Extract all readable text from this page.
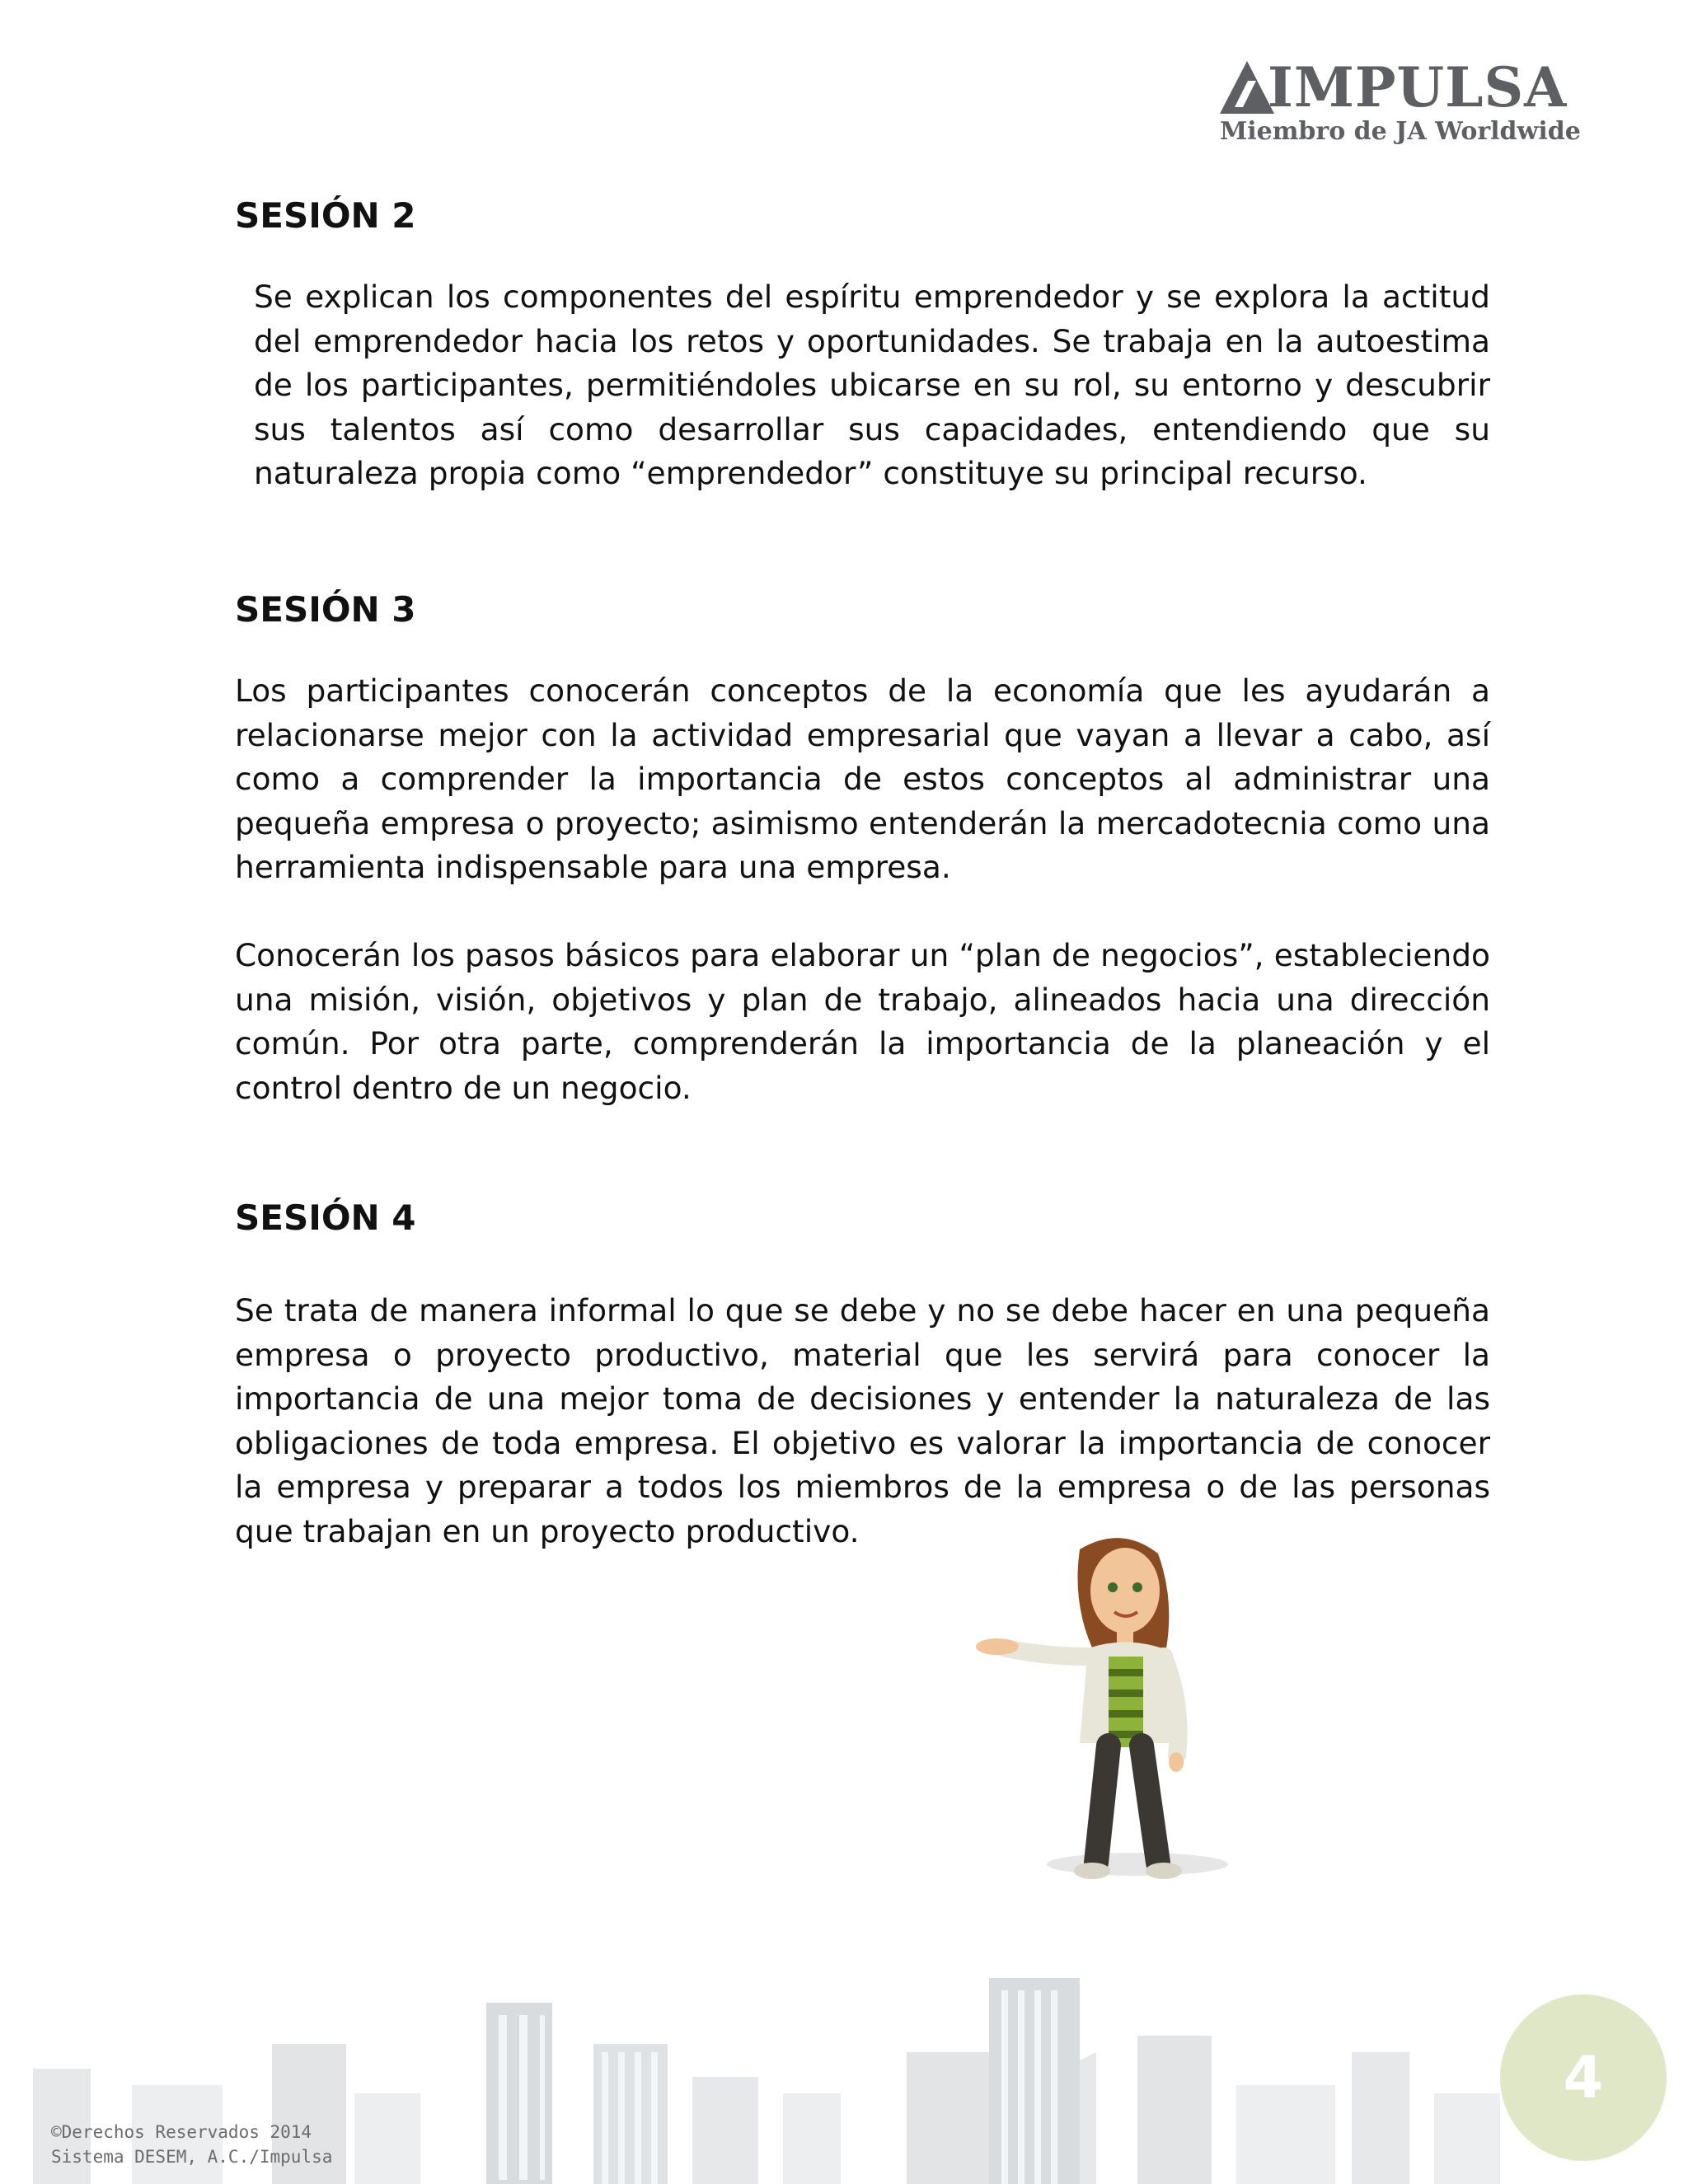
IMPULSA
Miembro de JA Worldwide
SESIÓN 2

Se explican los componentes del espíritu emprendedor y se explora la actitud del emprendedor hacia los retos y oportunidades. Se trabaja en la autoestima de los participantes, permitiéndoles ubicarse en su rol, su entorno y descubrir sus talentos así como desarrollar sus capacidades, entendiendo que su naturaleza propia como “emprendedor” constituye su principal recurso.

SESIÓN 3

Los participantes conocerán conceptos de la economía que les ayudarán a relacionarse mejor con la actividad empresarial que vayan a llevar a cabo, así como a comprender la importancia de estos conceptos al administrar una pequeña empresa o proyecto; asimismo entenderán la mercadotecnia como una herramienta indispensable para una empresa.

Conocerán los pasos básicos para elaborar un “plan de negocios”, estableciendo una misión, visión, objetivos y plan de trabajo, alineados hacia una dirección común. Por otra parte, comprenderán la importancia de la planeación y el control dentro de un negocio.

SESIÓN 4

Se trata de manera informal lo que se debe y no se debe hacer en una pequeña empresa o proyecto productivo, material que les servirá para conocer la importancia de una mejor toma de decisiones y entender la naturaleza de las obligaciones de toda empresa. El objetivo es valorar la importancia de conocer la empresa y preparar a todos los miembros de la empresa o de las personas que trabajan en un proyecto productivo.

©Derechos Reservados 2014
Sistema DESEM, A.C./Impulsa
4
